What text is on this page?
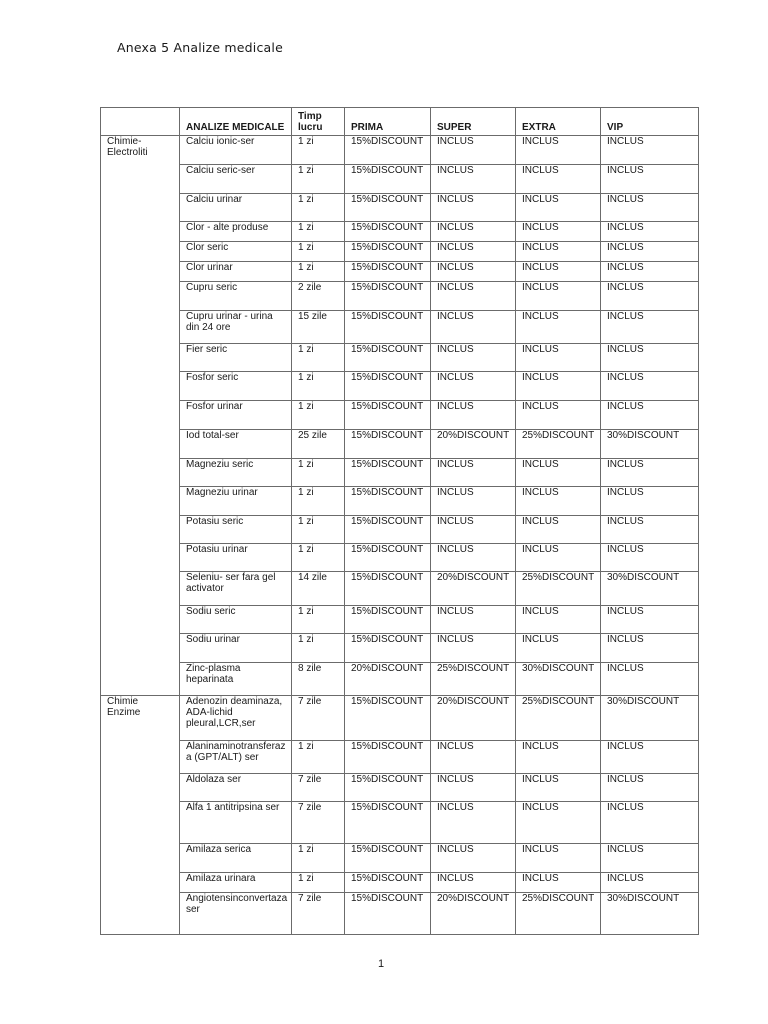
Anexa 5 Analize medicale
	ANALIZE MEDICALE	Timp lucru	PRIMA	SUPER	EXTRA	VIP
Chimie-Electroliti	Calciu ionic-ser	1 zi	15%DISCOUNT	INCLUS	INCLUS	INCLUS
	Calciu seric-ser	1 zi	15%DISCOUNT	INCLUS	INCLUS	INCLUS
	Calciu urinar	1 zi	15%DISCOUNT	INCLUS	INCLUS	INCLUS
	Clor - alte produse	1 zi	15%DISCOUNT	INCLUS	INCLUS	INCLUS
	Clor seric	1 zi	15%DISCOUNT	INCLUS	INCLUS	INCLUS
	Clor urinar	1 zi	15%DISCOUNT	INCLUS	INCLUS	INCLUS
	Cupru seric	2 zile	15%DISCOUNT	INCLUS	INCLUS	INCLUS
	Cupru urinar - urina din 24 ore	15 zile	15%DISCOUNT	INCLUS	INCLUS	INCLUS
	Fier seric	1 zi	15%DISCOUNT	INCLUS	INCLUS	INCLUS
	Fosfor seric	1 zi	15%DISCOUNT	INCLUS	INCLUS	INCLUS
	Fosfor urinar	1 zi	15%DISCOUNT	INCLUS	INCLUS	INCLUS
	Iod total-ser	25 zile	15%DISCOUNT	20%DISCOUNT	25%DISCOUNT	30%DISCOUNT
	Magneziu seric	1 zi	15%DISCOUNT	INCLUS	INCLUS	INCLUS
	Magneziu urinar	1 zi	15%DISCOUNT	INCLUS	INCLUS	INCLUS
	Potasiu seric	1 zi	15%DISCOUNT	INCLUS	INCLUS	INCLUS
	Potasiu urinar	1 zi	15%DISCOUNT	INCLUS	INCLUS	INCLUS
	Seleniu- ser fara gel activator	14 zile	15%DISCOUNT	20%DISCOUNT	25%DISCOUNT	30%DISCOUNT
	Sodiu seric	1 zi	15%DISCOUNT	INCLUS	INCLUS	INCLUS
	Sodiu urinar	1 zi	15%DISCOUNT	INCLUS	INCLUS	INCLUS
	Zinc-plasma heparinata	8 zile	20%DISCOUNT	25%DISCOUNT	30%DISCOUNT	INCLUS
Chimie Enzime	Adenozin deaminaza, ADA-lichid pleural,LCR,ser	7 zile	15%DISCOUNT	20%DISCOUNT	25%DISCOUNT	30%DISCOUNT
	Alaninaminotransferaz a (GPT/ALT) ser	1 zi	15%DISCOUNT	INCLUS	INCLUS	INCLUS
	Aldolaza ser	7 zile	15%DISCOUNT	INCLUS	INCLUS	INCLUS
	Alfa 1 antitripsina ser	7 zile	15%DISCOUNT	INCLUS	INCLUS	INCLUS
	Amilaza serica	1 zi	15%DISCOUNT	INCLUS	INCLUS	INCLUS
	Amilaza urinara	1 zi	15%DISCOUNT	INCLUS	INCLUS	INCLUS
	Angiotensinconvertaza ser	7 zile	15%DISCOUNT	20%DISCOUNT	25%DISCOUNT	30%DISCOUNT
1
